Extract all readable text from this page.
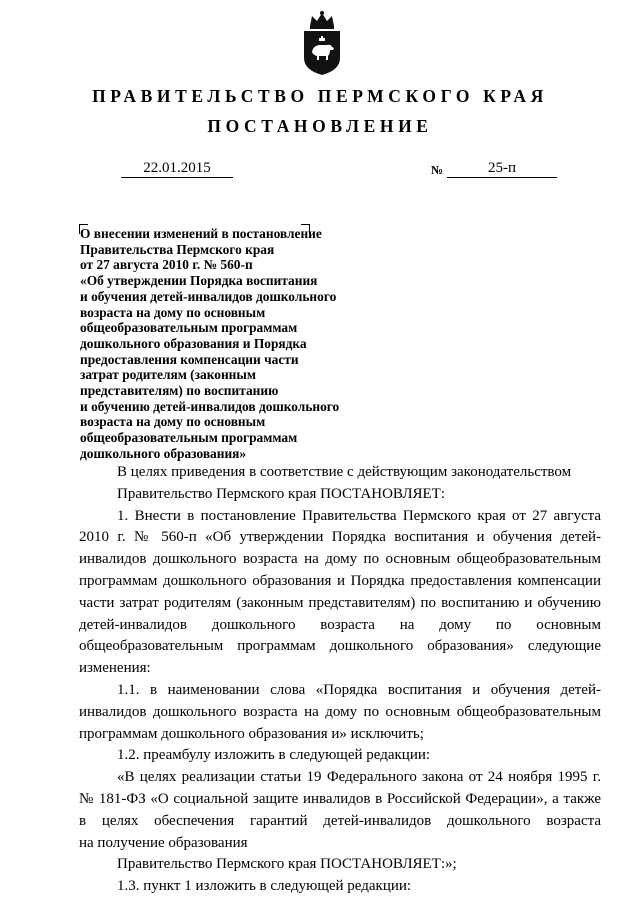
ПРАВИТЕЛЬСТВО ПЕРМСКОГО КРАЯ
ПОСТАНОВЛЕНИЕ
22.01.2015	№	25-п
О внесении изменений в постановление
Правительства Пермского края
от 27 августа 2010 г. № 560-п
«Об утверждении Порядка воспитания
и обучения детей-инвалидов дошкольного
возраста на дому по основным
общеобразовательным программам
дошкольного образования и Порядка
предоставления компенсации части
затрат родителям (законным
представителям) по воспитанию
и обучению детей-инвалидов дошкольного
возраста на дому по основным
общеобразовательным программам
дошкольного образования»
В целях приведения в соответствие с действующим законодательством
Правительство Пермского края ПОСТАНОВЛЯЕТ:
1. Внести в постановление Правительства Пермского края от 27 августа
2010 г. № 560-п «Об утверждении Порядка воспитания и обучения детей-
инвалидов дошкольного возраста на дому по основным общеобразовательным
программам дошкольного образования и Порядка предоставления компенсации
части затрат родителям (законным представителям) по воспитанию и обучению
детей-инвалидов дошкольного возраста на дому по основным
общеобразовательным программам дошкольного образования» следующие
изменения:
1.1. в наименовании слова «Порядка воспитания и обучения детей-
инвалидов дошкольного возраста на дому по основным общеобразовательным
программам дошкольного образования и» исключить;
1.2. преамбулу изложить в следующей редакции:
«В целях реализации статьи 19 Федерального закона от 24 ноября 1995 г.
№ 181-ФЗ «О социальной защите инвалидов в Российской Федерации», а также
в целях обеспечения гарантий детей-инвалидов дошкольного возраста
на получение образования
Правительство Пермского края ПОСТАНОВЛЯЕТ:»;
1.3. пункт 1 изложить в следующей редакции:
